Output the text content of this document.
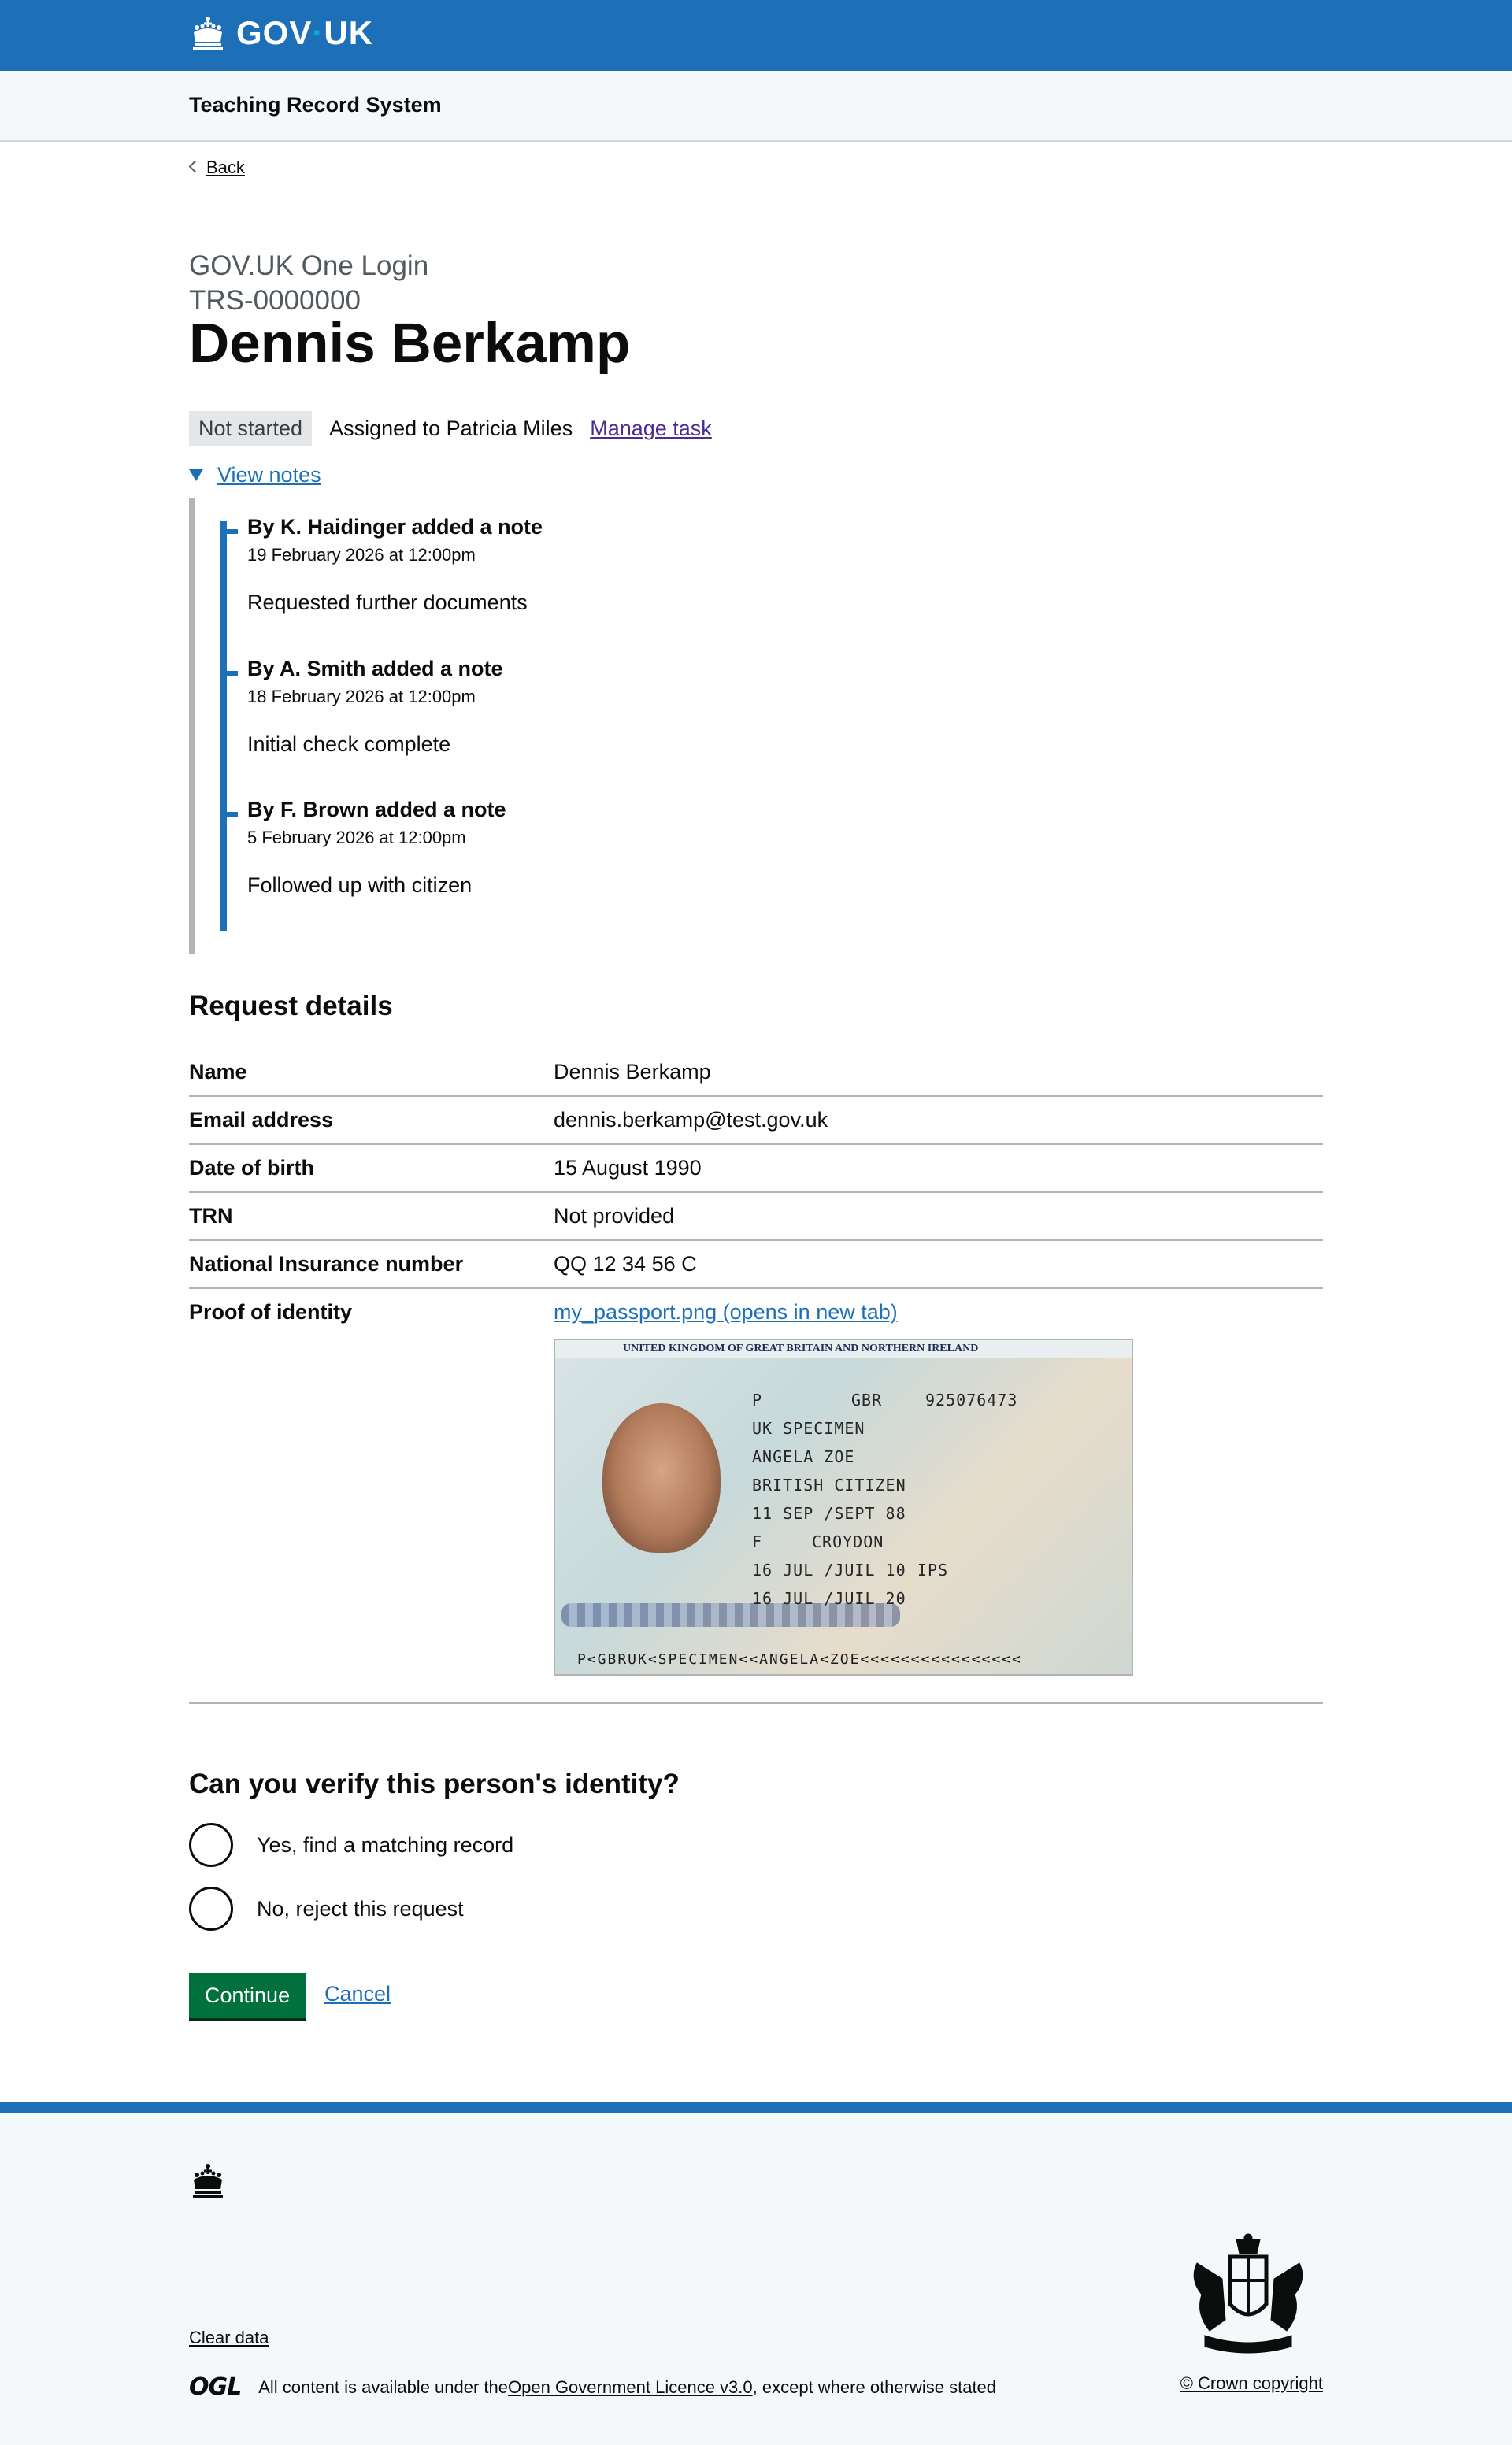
GOV·UK
Teaching Record System
Back
GOV.UK One Login
TRS-0000000
Dennis Berkamp
Not started	Assigned to Patricia Miles Manage task
View notes
By K. Haidinger added a note
19 February 2026 at 12:00pm
Requested further documents
By A. Smith added a note
18 February 2026 at 12:00pm
Initial check complete
By F. Brown added a note
5 February 2026 at 12:00pm
Followed up with citizen
Request details
Name	Dennis Berkamp
Email address	dennis.berkamp@test.gov.uk
Date of birth	15 August 1990
TRN	Not provided
National Insurance number	QQ 12 34 56 C
Proof of identity	my_passport.png (opens in new tab)
UNITED KINGDOM OF GREAT BRITAIN AND NORTHERN IRELAND
P	GBR	925076473
UK SPECIMEN
ANGELA ZOE
BRITISH CITIZEN
11 SEP /SEPT 88
F	CROYDON
16 JUL /JUIL 10 IPS
16 JUL /JUIL 20
P<GBRUK<SPECIMEN<<ANGELA<ZOE<<<<<<<<<<<<<<<<
Can you verify this person's identity?
Yes, find a matching record
No, reject this request
Continue	Cancel
Clear data
OGL All content is available under the Open Government Licence v3.0 , except where otherwise stated	© Crown copyright
